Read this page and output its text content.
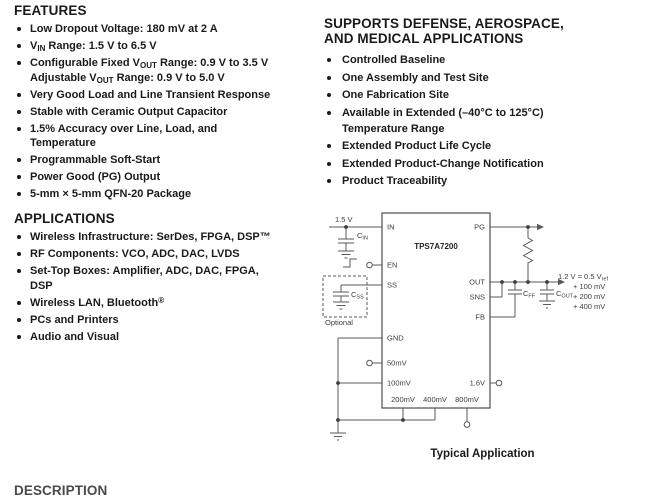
FEATURES
Low Dropout Voltage: 180 mV at 2 A
$V_{IN}$ Range: 1.5 V to 6.5 V
Configurable Fixed $V_{OUT}$ Range: 0.9 V to 3.5 V
Adjustable $V_{OUT}$ Range: 0.9 V to 5.0 V
Very Good Load and Line Transient Response
Stable with Ceramic Output Capacitor
1.5% Accuracy over Line, Load, and
Temperature
Programmable Soft-Start
Power Good (PG) Output
5-mm × 5-mm QFN-20 Package
APPLICATIONS
Wireless Infrastructure: SerDes, FPGA, DSP™
RF Components: VCO, ADC, DAC, LVDS
Set-Top Boxes: Amplifier, ADC, DAC, FPGA,
DSP
Wireless LAN, Bluetooth®
PCs and Printers
Audio and Visual
SUPPORTS DEFENSE, AEROSPACE,
AND MEDICAL APPLICATIONS
Controlled Baseline
One Assembly and Test Site
One Fabrication Site
Available in Extended (–40°C to 125°C)
Temperature Range
Extended Product Life Cycle
Extended Product-Change Notification
Product Traceability
TPS7A7200
1.5 V
IN
EN
SS
GND
50mV
100mV
200mV 400mV 800mV
PG
OUT
SNS
FB
1.6V
$C_{IN}$
$C_{SS}$	$C_{FF}$	$C_{OUT}$
Optional
1.2 V = 0.5 $V_{ref}$
+ 100 mV
+ 200 mV
+ 400 mV
Typical Application
DESCRIPTION
